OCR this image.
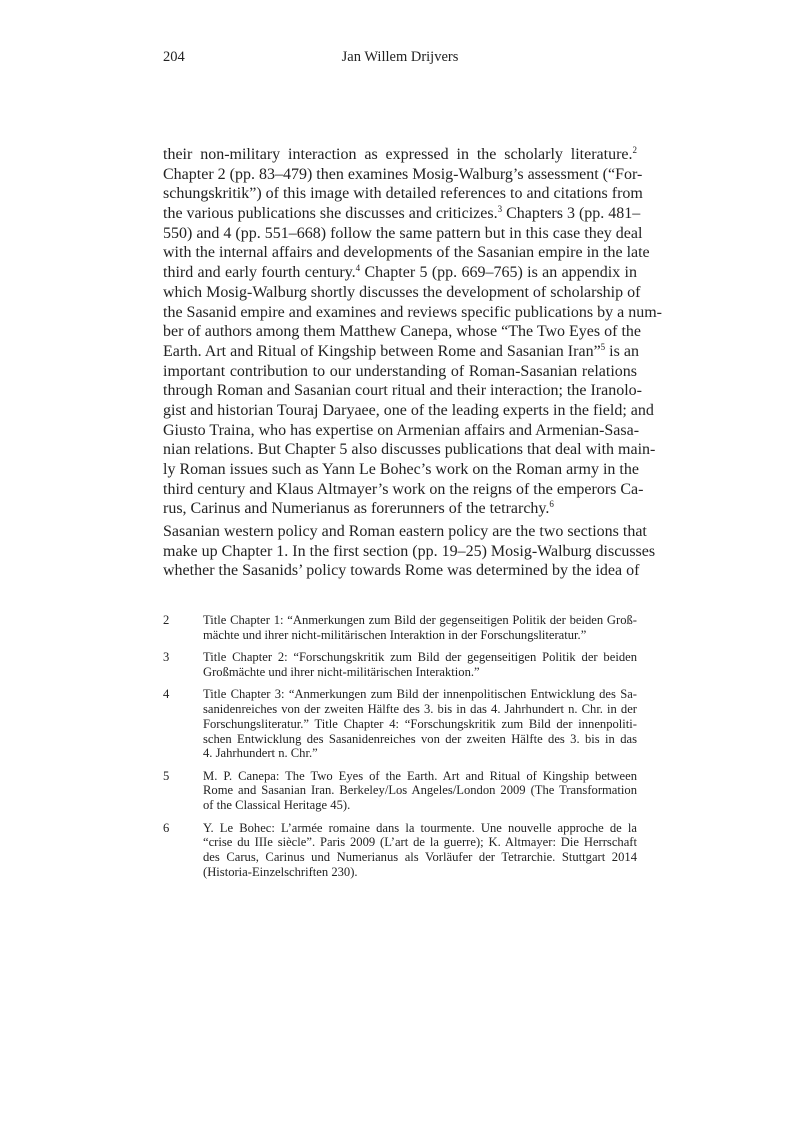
204	Jan Willem Drijvers
their non-military interaction as expressed in the scholarly literature.$^2$
Chapter 2 (pp. 83–479) then examines Mosig-Walburg’s assessment (“For-
schungskritik”) of this image with detailed references to and citations from
the various publications she discusses and criticizes.$^3$ Chapters 3 (pp. 481–
550) and 4 (pp. 551–668) follow the same pattern but in this case they deal
with the internal affairs and developments of the Sasanian empire in the late
third and early fourth century.$^4$ Chapter 5 (pp. 669–765) is an appendix in
which Mosig-Walburg shortly discusses the development of scholarship of
the Sasanid empire and examines and reviews specific publications by a num-
ber of authors among them Matthew Canepa, whose “The Two Eyes of the
Earth. Art and Ritual of Kingship between Rome and Sasanian Iran”$^5$ is an
important contribution to our understanding of Roman-Sasanian relations
through Roman and Sasanian court ritual and their interaction; the Iranolo-
gist and historian Touraj Daryaee, one of the leading experts in the field; and
Giusto Traina, who has expertise on Armenian affairs and Armenian-Sasa-
nian relations. But Chapter 5 also discusses publications that deal with main-
ly Roman issues such as Yann Le Bohec’s work on the Roman army in the
third century and Klaus Altmayer’s work on the reigns of the emperors Ca-
rus, Carinus and Numerianus as forerunners of the tetrarchy.$^6$
Sasanian western policy and Roman eastern policy are the two sections that
make up Chapter 1. In the first section (pp. 19–25) Mosig-Walburg discusses
whether the Sasanids’ policy towards Rome was determined by the idea of
2	Title Chapter 1: “Anmerkungen zum Bild der gegenseitigen Politik der beiden Groß-
mächte und ihrer nicht-militärischen Interaktion in der Forschungsliteratur.”
3	Title Chapter 2: “Forschungskritik zum Bild der gegenseitigen Politik der beiden
Großmächte und ihrer nicht-militärischen Interaktion.”
4	Title Chapter 3: “Anmerkungen zum Bild der innenpolitischen Entwicklung des Sa-
sanidenreiches von der zweiten Hälfte des 3. bis in das 4. Jahrhundert n. Chr. in der
Forschungsliteratur.” Title Chapter 4: “Forschungskritik zum Bild der innenpoliti-
schen Entwicklung des Sasanidenreiches von der zweiten Hälfte des 3. bis in das
4. Jahrhundert n. Chr.”
5	M. P. Canepa: The Two Eyes of the Earth. Art and Ritual of Kingship between
Rome and Sasanian Iran. Berkeley/Los Angeles/London 2009 (The Transformation
of the Classical Heritage 45).
6	Y. Le Bohec: L’armée romaine dans la tourmente. Une nouvelle approche de la
“crise du IIIe siècle”. Paris 2009 (L’art de la guerre); K. Altmayer: Die Herrschaft
des Carus, Carinus und Numerianus als Vorläufer der Tetrarchie. Stuttgart 2014
(Historia-Einzelschriften 230).
